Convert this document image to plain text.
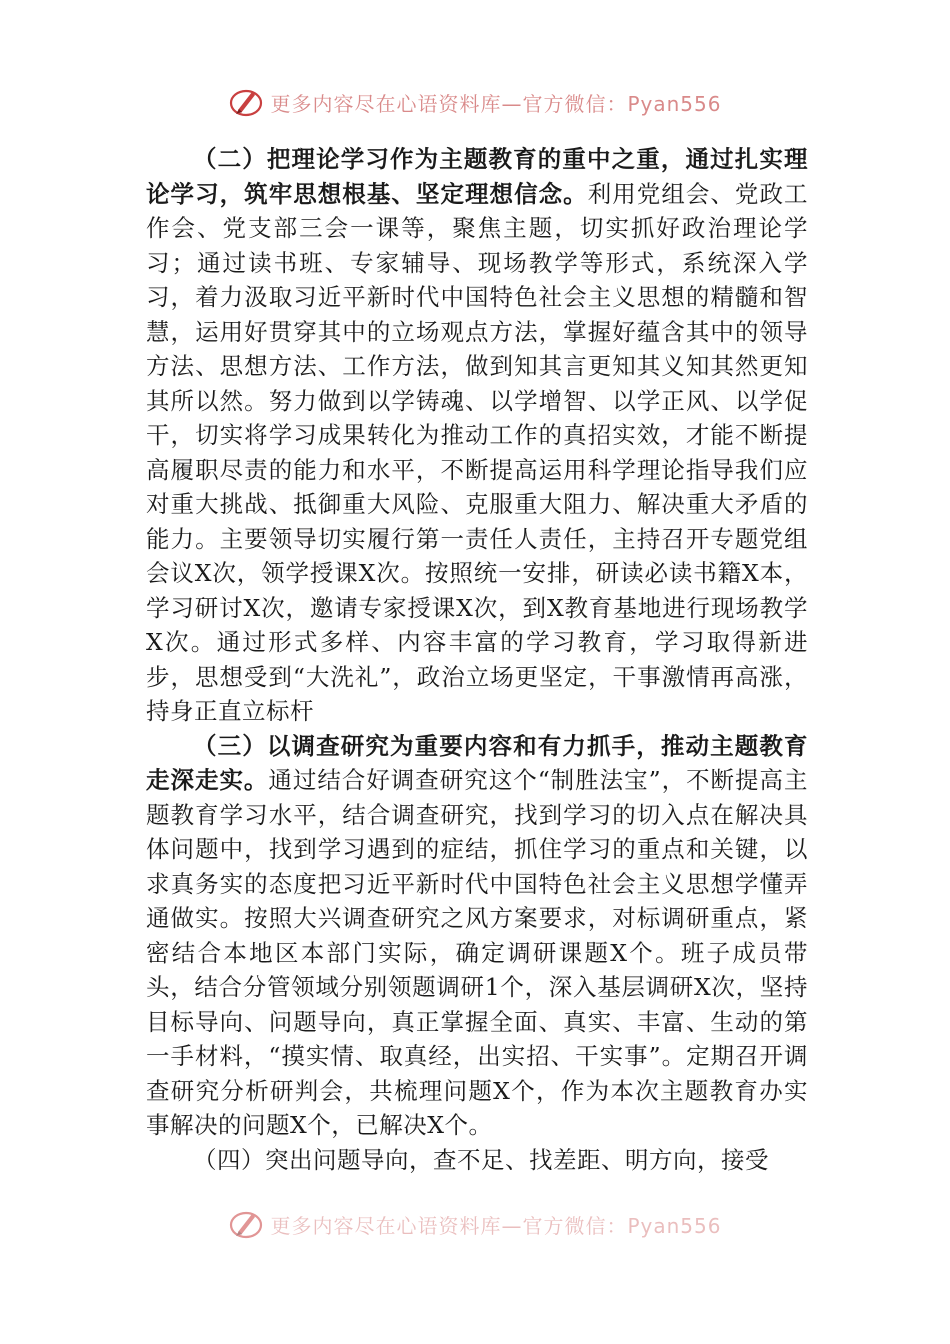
更多内容尽在心语资料库—官方微信：Pyan556

（二）把理论学习作为主题教育的重中之重，通过扎实理论学习，筑牢思想根基、坚定理想信念。利用党组会、党政工作会、党支部三会一课等，聚焦主题，切实抓好政治理论学习；通过读书班、专家辅导、现场教学等形式，系统深入学习，着力汲取习近平新时代中国特色社会主义思想的精髓和智慧，运用好贯穿其中的立场观点方法，掌握好蕴含其中的领导方法、思想方法、工作方法，做到知其言更知其义知其然更知其所以然。努力做到以学铸魂、以学增智、以学正风、以学促干，切实将学习成果转化为推动工作的真招实效，才能不断提高履职尽责的能力和水平，不断提高运用科学理论指导我们应对重大挑战、抵御重大风险、克服重大阻力、解决重大矛盾的能力。主要领导切实履行第一责任人责任，主持召开专题党组会议X次，领学授课X次。按照统一安排，研读必读书籍X本，学习研讨X次，邀请专家授课X次，到X教育基地进行现场教学X次。通过形式多样、内容丰富的学习教育，学习取得新进步，思想受到“大洗礼”，政治立场更坚定，干事激情再高涨，持身正直立标杆

（三）以调查研究为重要内容和有力抓手，推动主题教育走深走实。通过结合好调查研究这个“制胜法宝”，不断提高主题教育学习水平，结合调查研究，找到学习的切入点在解决具体问题中，找到学习遇到的症结，抓住学习的重点和关键，以求真务实的态度把习近平新时代中国特色社会主义思想学懂弄通做实。按照大兴调查研究之风方案要求，对标调研重点，紧密结合本地区本部门实际，确定调研课题X个。班子成员带头，结合分管领域分别领题调研1个，深入基层调研X次，坚持目标导向、问题导向，真正掌握全面、真实、丰富、生动的第一手材料，“摸实情、取真经，出实招、干实事”。定期召开调查研究分析研判会，共梳理问题X个，作为本次主题教育办实事解决的问题X个，已解决X个。

（四）突出问题导向，查不足、找差距、明方向，接受

更多内容尽在心语资料库—官方微信：Pyan556
